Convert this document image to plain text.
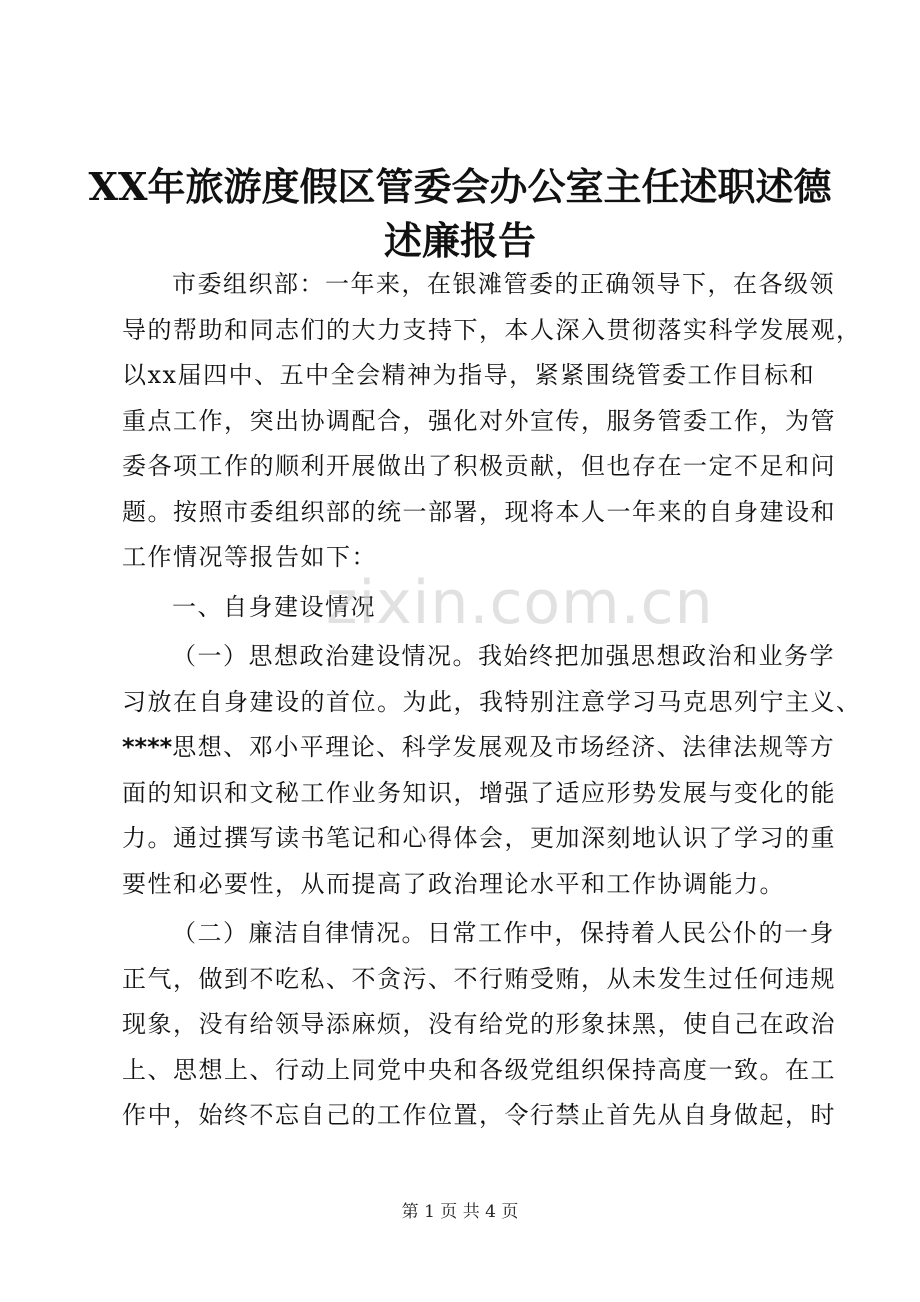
XX年旅游度假区管委会办公室主任述职述德
述廉报告
市委组织部：一年来，在银滩管委的正确领导下，在各级领
导的帮助和同志们的大力支持下，本人深入贯彻落实科学发展观，
以xx届四中、五中全会精神为指导，紧紧围绕管委工作目标和
重点工作，突出协调配合，强化对外宣传，服务管委工作，为管
委各项工作的顺利开展做出了积极贡献，但也存在一定不足和问
题。按照市委组织部的统一部署，现将本人一年来的自身建设和
工作情况等报告如下：
一、自身建设情况
（一）思想政治建设情况。我始终把加强思想政治和业务学
习放在自身建设的首位。为此，我特别注意学习马克思列宁主义、
****思想、邓小平理论、科学发展观及市场经济、法律法规等方
面的知识和文秘工作业务知识，增强了适应形势发展与变化的能
力。通过撰写读书笔记和心得体会，更加深刻地认识了学习的重
要性和必要性，从而提高了政治理论水平和工作协调能力。
（二）廉洁自律情况。日常工作中，保持着人民公仆的一身
正气，做到不吃私、不贪污、不行贿受贿，从未发生过任何违规
现象，没有给领导添麻烦，没有给党的形象抹黑，使自己在政治
上、思想上、行动上同党中央和各级党组织保持高度一致。在工
作中，始终不忘自己的工作位置，令行禁止首先从自身做起，时
zixin.com.cn
第 1 页 共 4 页
